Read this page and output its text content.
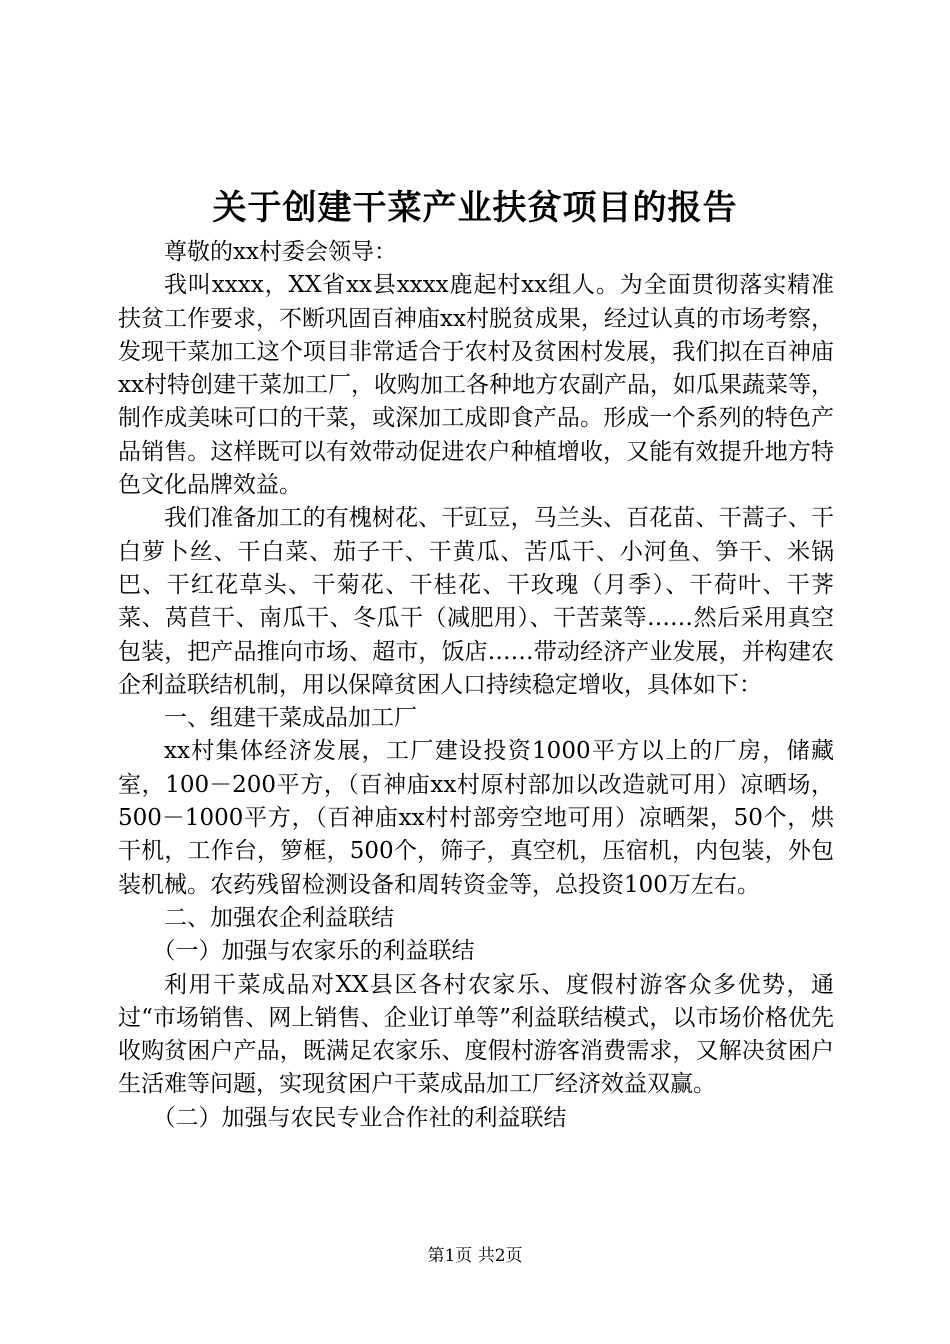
关于创建干菜产业扶贫项目的报告

尊敬的xx村委会领导：

我叫xxxx，XX省xx县xxxx鹿起村xx组人。为全面贯彻落实精准扶贫工作要求，不断巩固百神庙xx村脱贫成果，经过认真的市场考察，发现干菜加工这个项目非常适合于农村及贫困村发展，我们拟在百神庙xx村特创建干菜加工厂，收购加工各种地方农副产品，如瓜果蔬菜等，制作成美味可口的干菜，或深加工成即食产品。形成一个系列的特色产品销售。这样既可以有效带动促进农户种植增收，又能有效提升地方特色文化品牌效益。

我们准备加工的有槐树花、干豇豆，马兰头、百花苗、干蒿子、干白萝卜丝、干白菜、茄子干、干黄瓜、苦瓜干、小河鱼、笋干、米锅巴、干红花草头、干菊花、干桂花、干玫瑰（月季）、干荷叶、干荠菜、莴苣干、南瓜干、冬瓜干（减肥用）、干苦菜等……然后采用真空包装，把产品推向市场、超市，饭店……带动经济产业发展，并构建农企利益联结机制，用以保障贫困人口持续稳定增收，具体如下：

一、组建干菜成品加工厂

xx村集体经济发展，工厂建设投资1000平方以上的厂房，储藏室，100－200平方，（百神庙xx村原村部加以改造就可用）凉晒场，500－1000平方，（百神庙xx村村部旁空地可用）凉晒架，50个，烘干机，工作台，箩框，500个，筛子，真空机，压宿机，内包装，外包装机械。农药残留检测设备和周转资金等，总投资100万左右。

二、加强农企利益联结

（一）加强与农家乐的利益联结

利用干菜成品对XX县区各村农家乐、度假村游客众多优势，通过“市场销售、网上销售、企业订单等”利益联结模式，以市场价格优先收购贫困户产品，既满足农家乐、度假村游客消费需求，又解决贫困户生活难等问题，实现贫困户干菜成品加工厂经济效益双赢。

（二）加强与农民专业合作社的利益联结

第1页 共2页
